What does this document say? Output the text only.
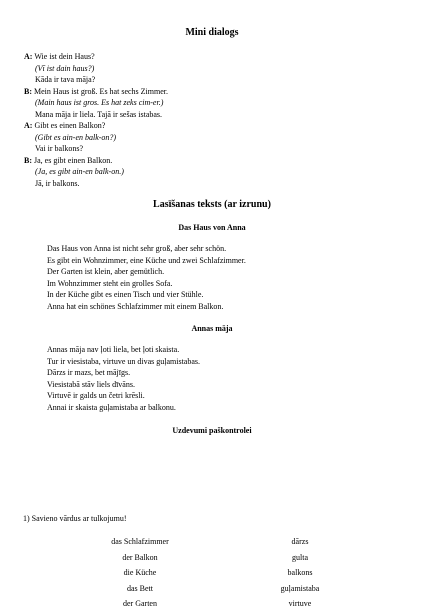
Mini dialogs
A: Wie ist dein Haus?
(Vī ist dain haus?)
Kāda ir tava māja?
B: Mein Haus ist groß. Es hat sechs Zimmer.
(Main haus ist gros. Es hat zeks cim-er.)
Mana māja ir liela. Tajā ir sešas istabas.
A: Gibt es einen Balkon?
(Gibt es ain-en balk-on?)
Vai ir balkons?
B: Ja, es gibt einen Balkon.
(Ja, es gibt ain-en balk-on.)
Jā, ir balkons.
Lasīšanas teksts (ar izrunu)
Das Haus von Anna
Das Haus von Anna ist nicht sehr groß, aber sehr schön.
Es gibt ein Wohnzimmer, eine Küche und zwei Schlafzimmer.
Der Garten ist klein, aber gemütlich.
Im Wohnzimmer steht ein grolles Sofa.
In der Küche gibt es einen Tisch und vier Stühle.
Anna hat ein schönes Schlafzimmer mit einem Balkon.
Annas māja
Annas māja nav ļoti liela, bet ļoti skaista.
Tur ir viesistaba, virtuve un divas guļamistabas.
Dārzs ir mazs, bet mājīgs.
Viesistabā stāv liels dīvāns.
Virtuvē ir galds un četri krēsli.
Annai ir skaista guļamistaba ar balkonu.
Uzdevumi paškontrolei
1) Savieno vārdus ar tulkojumu!
das Schlafzimmer
der Balkon
die Küche
das Bett
der Garten
dārzs
gulta
balkons
guļamistaba
virtuve
